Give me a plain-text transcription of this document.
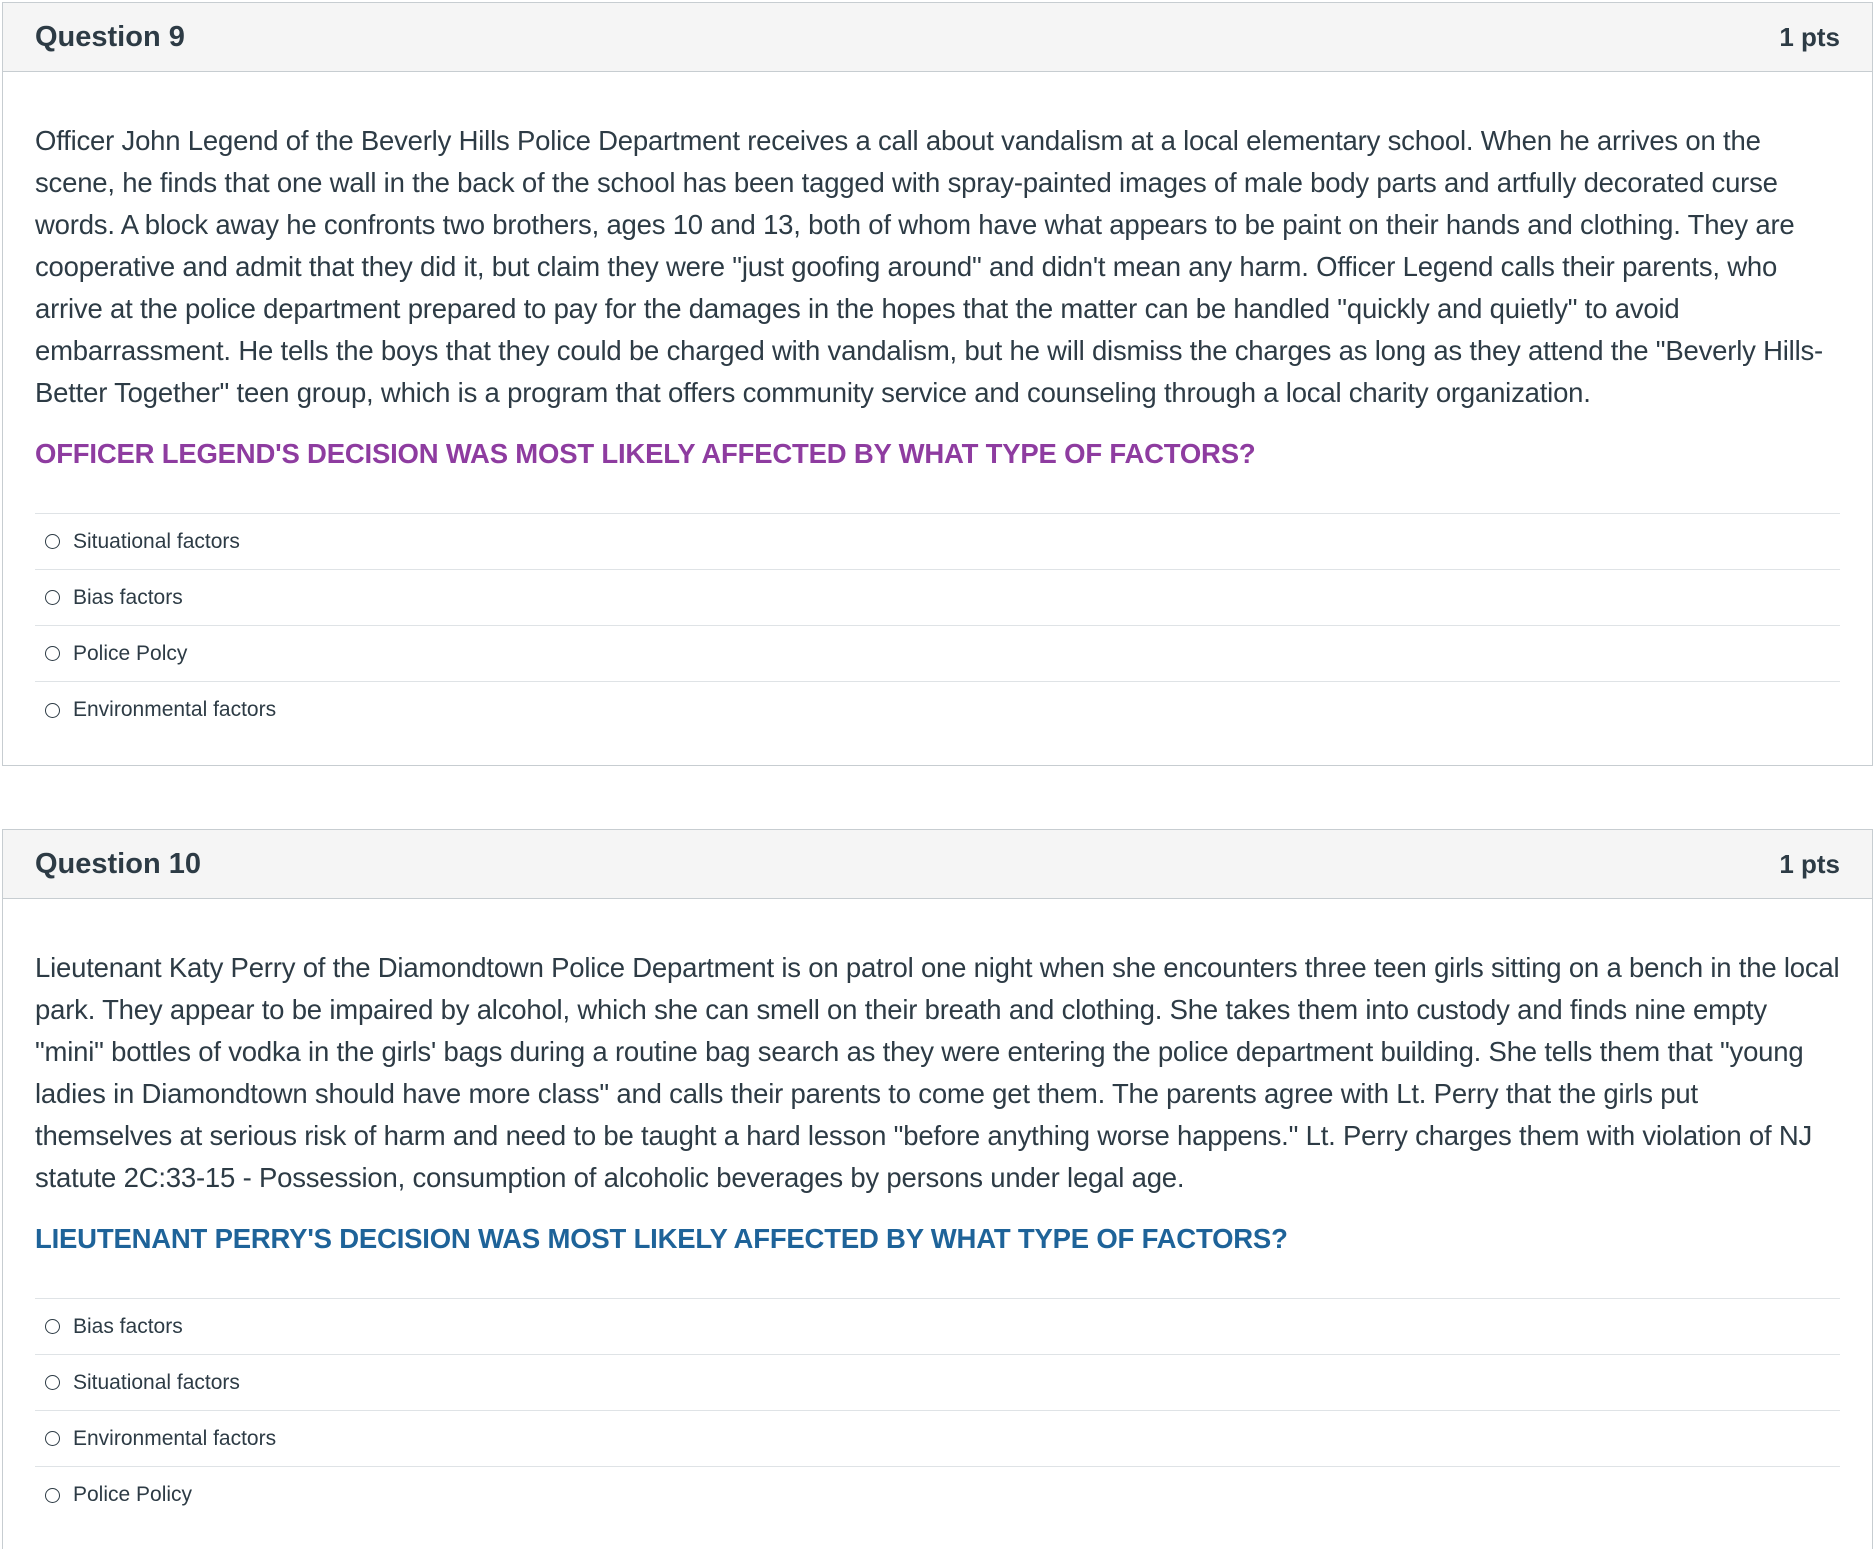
Question 9	1 pts

Officer John Legend of the Beverly Hills Police Department receives a call about vandalism at a local elementary school. When he arrives on the scene, he finds that one wall in the back of the school has been tagged with spray-painted images of male body parts and artfully decorated curse words. A block away he confronts two brothers, ages 10 and 13, both of whom have what appears to be paint on their hands and clothing. They are cooperative and admit that they did it, but claim they were "just goofing around" and didn't mean any harm. Officer Legend calls their parents, who arrive at the police department prepared to pay for the damages in the hopes that the matter can be handled "quickly and quietly" to avoid embarrassment. He tells the boys that they could be charged with vandalism, but he will dismiss the charges as long as they attend the "Beverly Hills- Better Together" teen group, which is a program that offers community service and counseling through a local charity organization.

OFFICER LEGEND'S DECISION WAS MOST LIKELY AFFECTED BY WHAT TYPE OF FACTORS?

Situational factors
Bias factors
Police Polcy
Environmental factors
Question 10	1 pts

Lieutenant Katy Perry of the Diamondtown Police Department is on patrol one night when she encounters three teen girls sitting on a bench in the local park. They appear to be impaired by alcohol, which she can smell on their breath and clothing. She takes them into custody and finds nine empty "mini" bottles of vodka in the girls' bags during a routine bag search as they were entering the police department building. She tells them that "young ladies in Diamondtown should have more class" and calls their parents to come get them. The parents agree with Lt. Perry that the girls put themselves at serious risk of harm and need to be taught a hard lesson "before anything worse happens." Lt. Perry charges them with violation of NJ statute 2C:33-15 - Possession, consumption of alcoholic beverages by persons under legal age.

LIEUTENANT PERRY'S DECISION WAS MOST LIKELY AFFECTED BY WHAT TYPE OF FACTORS?

Bias factors
Situational factors
Environmental factors
Police Policy
